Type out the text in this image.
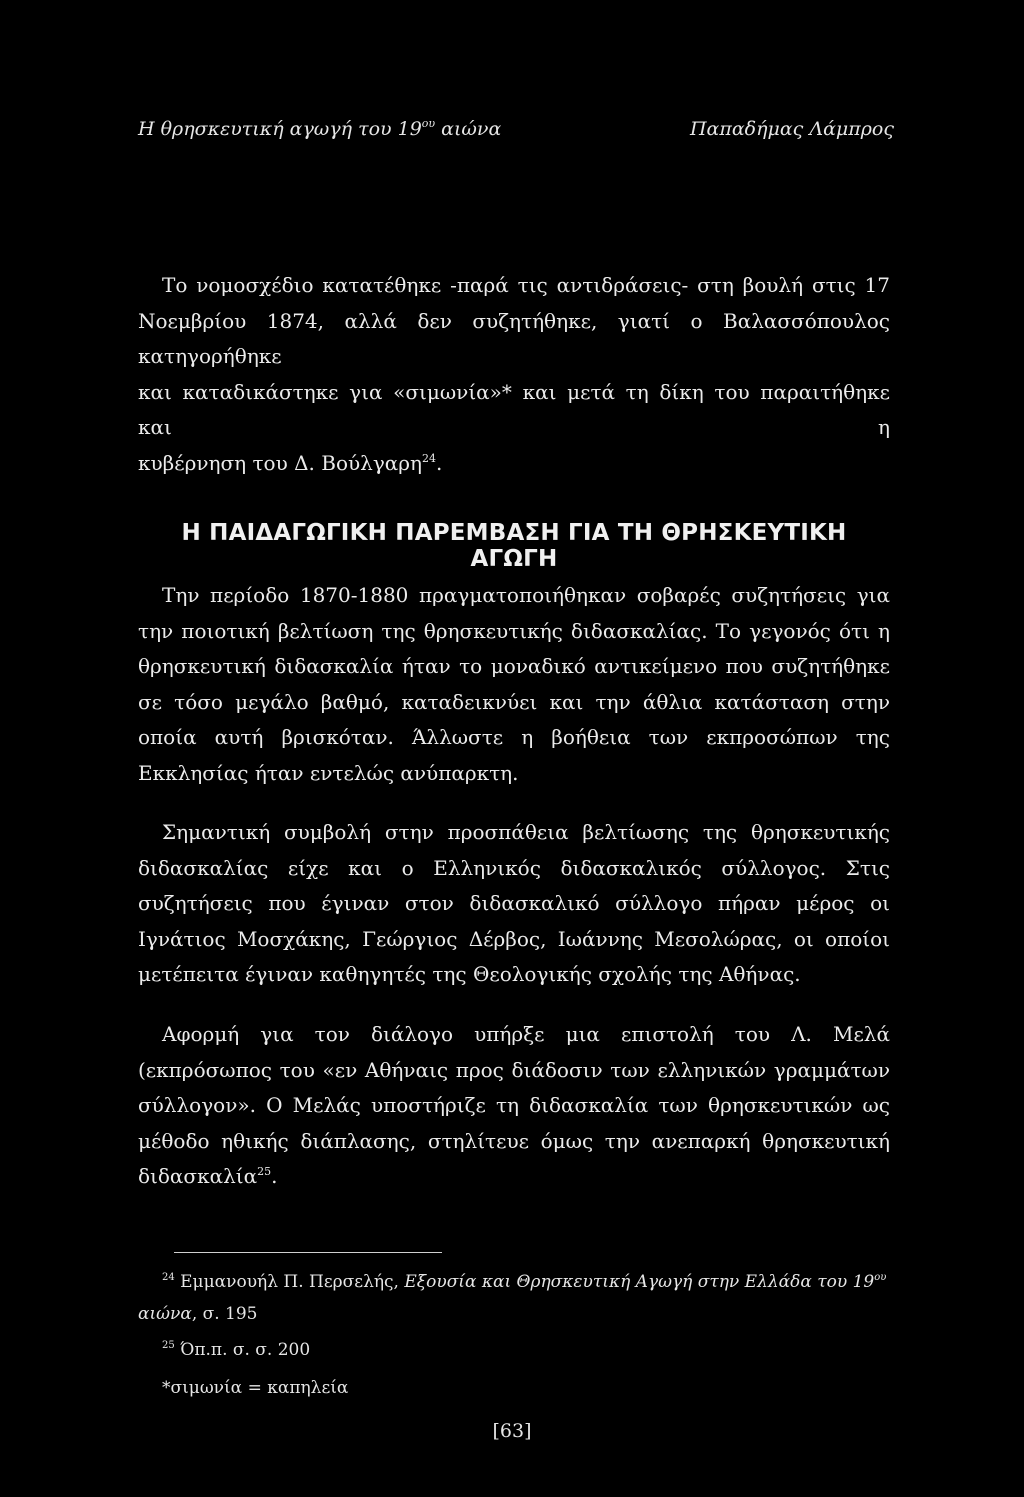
Η θρησκευτική αγωγή του $19^{o\upsilon}$ αιώνα	Παπαδήμας Λάμπρος
Το νομοσχέδιο κατατέθηκε -παρά τις αντιδράσεις- στη βουλή στις 17
Νοεμβρίου 1874, αλλά δεν συζητήθηκε, γιατί ο Βαλασσόπουλος κατηγορήθηκε
και καταδικάστηκε για «σιμωνία»* και μετά τη δίκη του παραιτήθηκε και η
κυβέρνηση του Δ. Βούλγαρη$^{24}$.
Η ΠΑΙΔΑΓΩΓΙΚΗ ΠΑΡΕΜΒΑΣΗ ΓΙΑ ΤΗ ΘΡΗΣΚΕΥΤΙΚΗ ΑΓΩΓΗ

Την περίοδο 1870-1880 πραγματοποιήθηκαν σοβαρές συζητήσεις για την ποιοτική βελτίωση της θρησκευτικής διδασκαλίας. Το γεγονός ότι η θρησκευτική διδασκαλία ήταν το μοναδικό αντικείμενο που συζητήθηκε σε τόσο μεγάλο βαθμό, καταδεικνύει και την άθλια κατάσταση στην οποία αυτή βρισκόταν. Άλλωστε η βοήθεια των εκπροσώπων της Εκκλησίας ήταν εντελώς ανύπαρκτη.

Σημαντική συμβολή στην προσπάθεια βελτίωσης της θρησκευτικής διδασκαλίας είχε και ο Ελληνικός διδασκαλικός σύλλογος. Στις συζητήσεις που έγιναν στον διδασκαλικό σύλλογο πήραν μέρος οι Ιγνάτιος Μοσχάκης, Γεώργιος Δέρβος, Ιωάννης Μεσολώρας, οι οποίοι μετέπειτα έγιναν καθηγητές της Θεολογικής σχολής της Αθήνας.

Αφορμή για τον διάλογο υπήρξε μια επιστολή του Λ. Μελά (εκπρόσωπος του «εν Αθήναις προς διάδοσιν των ελληνικών γραμμάτων σύλλογον». Ο Μελάς υποστήριζε τη διδασκαλία των θρησκευτικών ως μέθοδο ηθικής διάπλασης, στηλίτευε όμως την ανεπαρκή θρησκευτική διδασκαλία$^{25}$.

$^{24}$ Εμμανουήλ Π. Περσελής, Εξουσία και Θρησκευτική Αγωγή στην Ελλάδα του $19^{o\upsilon}$
αιώνα, σ. 195
$^{25}$ Όπ.π. σ. σ. 200
*σιμωνία = καπηλεία
[63]
